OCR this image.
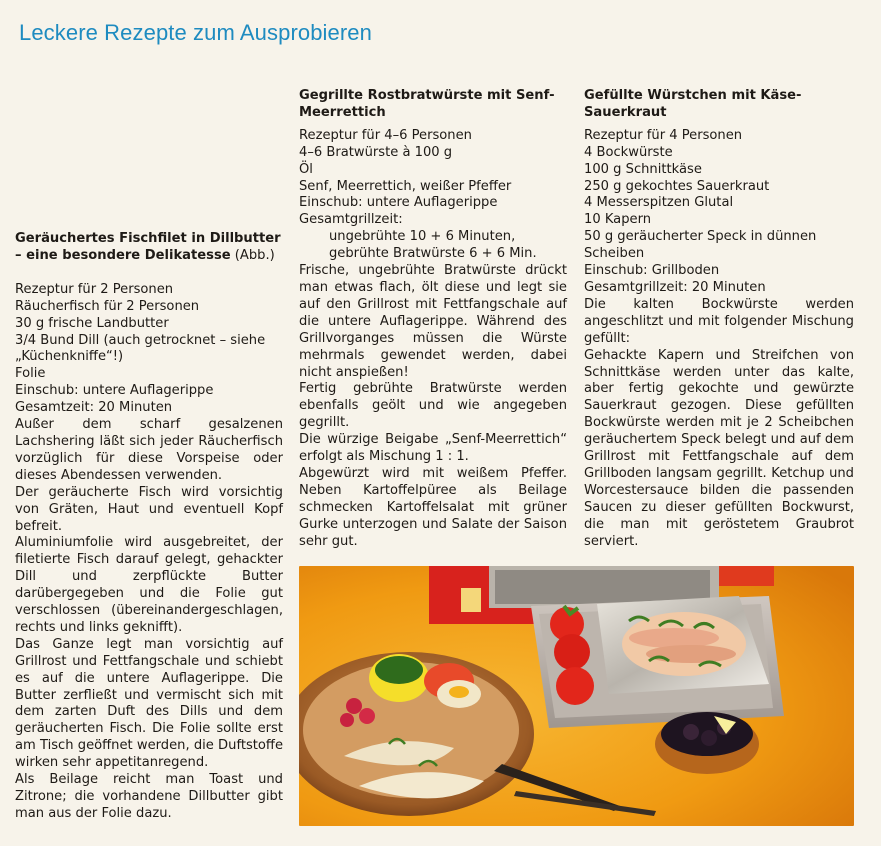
Leckere Rezepte zum Ausprobieren

Geräuchertes Fischfilet in Dillbutter – eine besondere Delikatesse (Abb.)

Rezeptur für 2 Personen

Räucherfisch für 2 Personen

30 g frische Landbutter

3/4 Bund Dill (auch getrocknet – siehe „Küchenkniffe“!)

Folie

Einschub: untere Auflagerippe

Gesamtzeit: 20 Minuten

Außer dem scharf gesalzenen Lachshering läßt sich jeder Räucherfisch vorzüglich für diese Vorspeise oder dieses Abendessen verwenden.

Der geräucherte Fisch wird vorsichtig von Gräten, Haut und eventuell Kopf befreit.

Aluminiumfolie wird ausgebreitet, der filetierte Fisch darauf gelegt, gehackter Dill und zerpflückte Butter darübergegeben und die Folie gut verschlossen (übereinandergeschlagen, rechts und links geknifft).

Das Ganze legt man vorsichtig auf Grillrost und Fettfangschale und schiebt es auf die untere Auflagerippe. Die Butter zerfließt und vermischt sich mit dem zarten Duft des Dills und dem geräucherten Fisch. Die Folie sollte erst am Tisch geöffnet werden, die Duftstoffe wirken sehr appetitanregend.

Als Beilage reicht man Toast und Zitrone; die vorhandene Dillbutter gibt man aus der Folie dazu.

Gegrillte Rostbratwürste mit Senf-Meerrettich

Rezeptur für 4–6 Personen

4–6 Bratwürste à 100 g

Öl

Senf, Meerrettich, weißer Pfeffer

Einschub: untere Auflagerippe

Gesamtgrillzeit:

ungebrühte 10 + 6 Minuten,

gebrühte Bratwürste 6 + 6 Min.

Frische, ungebrühte Bratwürste drückt man etwas flach, ölt diese und legt sie auf den Grillrost mit Fettfangschale auf die untere Auflagerippe. Während des Grillvorganges müssen die Würste mehrmals gewendet werden, dabei nicht anspießen!

Fertig gebrühte Bratwürste werden ebenfalls geölt und wie angegeben gegrillt.

Die würzige Beigabe „Senf-Meerrettich“ erfolgt als Mischung 1 : 1.

Abgewürzt wird mit weißem Pfeffer. Neben Kartoffelpüree als Beilage schmecken Kartoffelsalat mit grüner Gurke unterzogen und Salate der Saison sehr gut.

Gefüllte Würstchen mit Käse-Sauerkraut

Rezeptur für 4 Personen

4 Bockwürste

100 g Schnittkäse

250 g gekochtes Sauerkraut

4 Messerspitzen Glutal

10 Kapern

50 g geräucherter Speck in dünnen Scheiben

Einschub: Grillboden

Gesamtgrillzeit: 20 Minuten

Die kalten Bockwürste werden angeschlitzt und mit folgender Mischung gefüllt:

Gehackte Kapern und Streifchen von Schnittkäse werden unter das kalte, aber fertig gekochte und gewürzte Sauerkraut gezogen. Diese gefüllten Bockwürste werden mit je 2 Scheibchen geräuchertem Speck belegt und auf dem Grillrost mit Fettfangschale auf dem Grillboden langsam gegrillt. Ketchup und Worcestersauce bilden die passenden Saucen zu dieser gefüllten Bockwurst, die man mit geröstetem Graubrot serviert.
